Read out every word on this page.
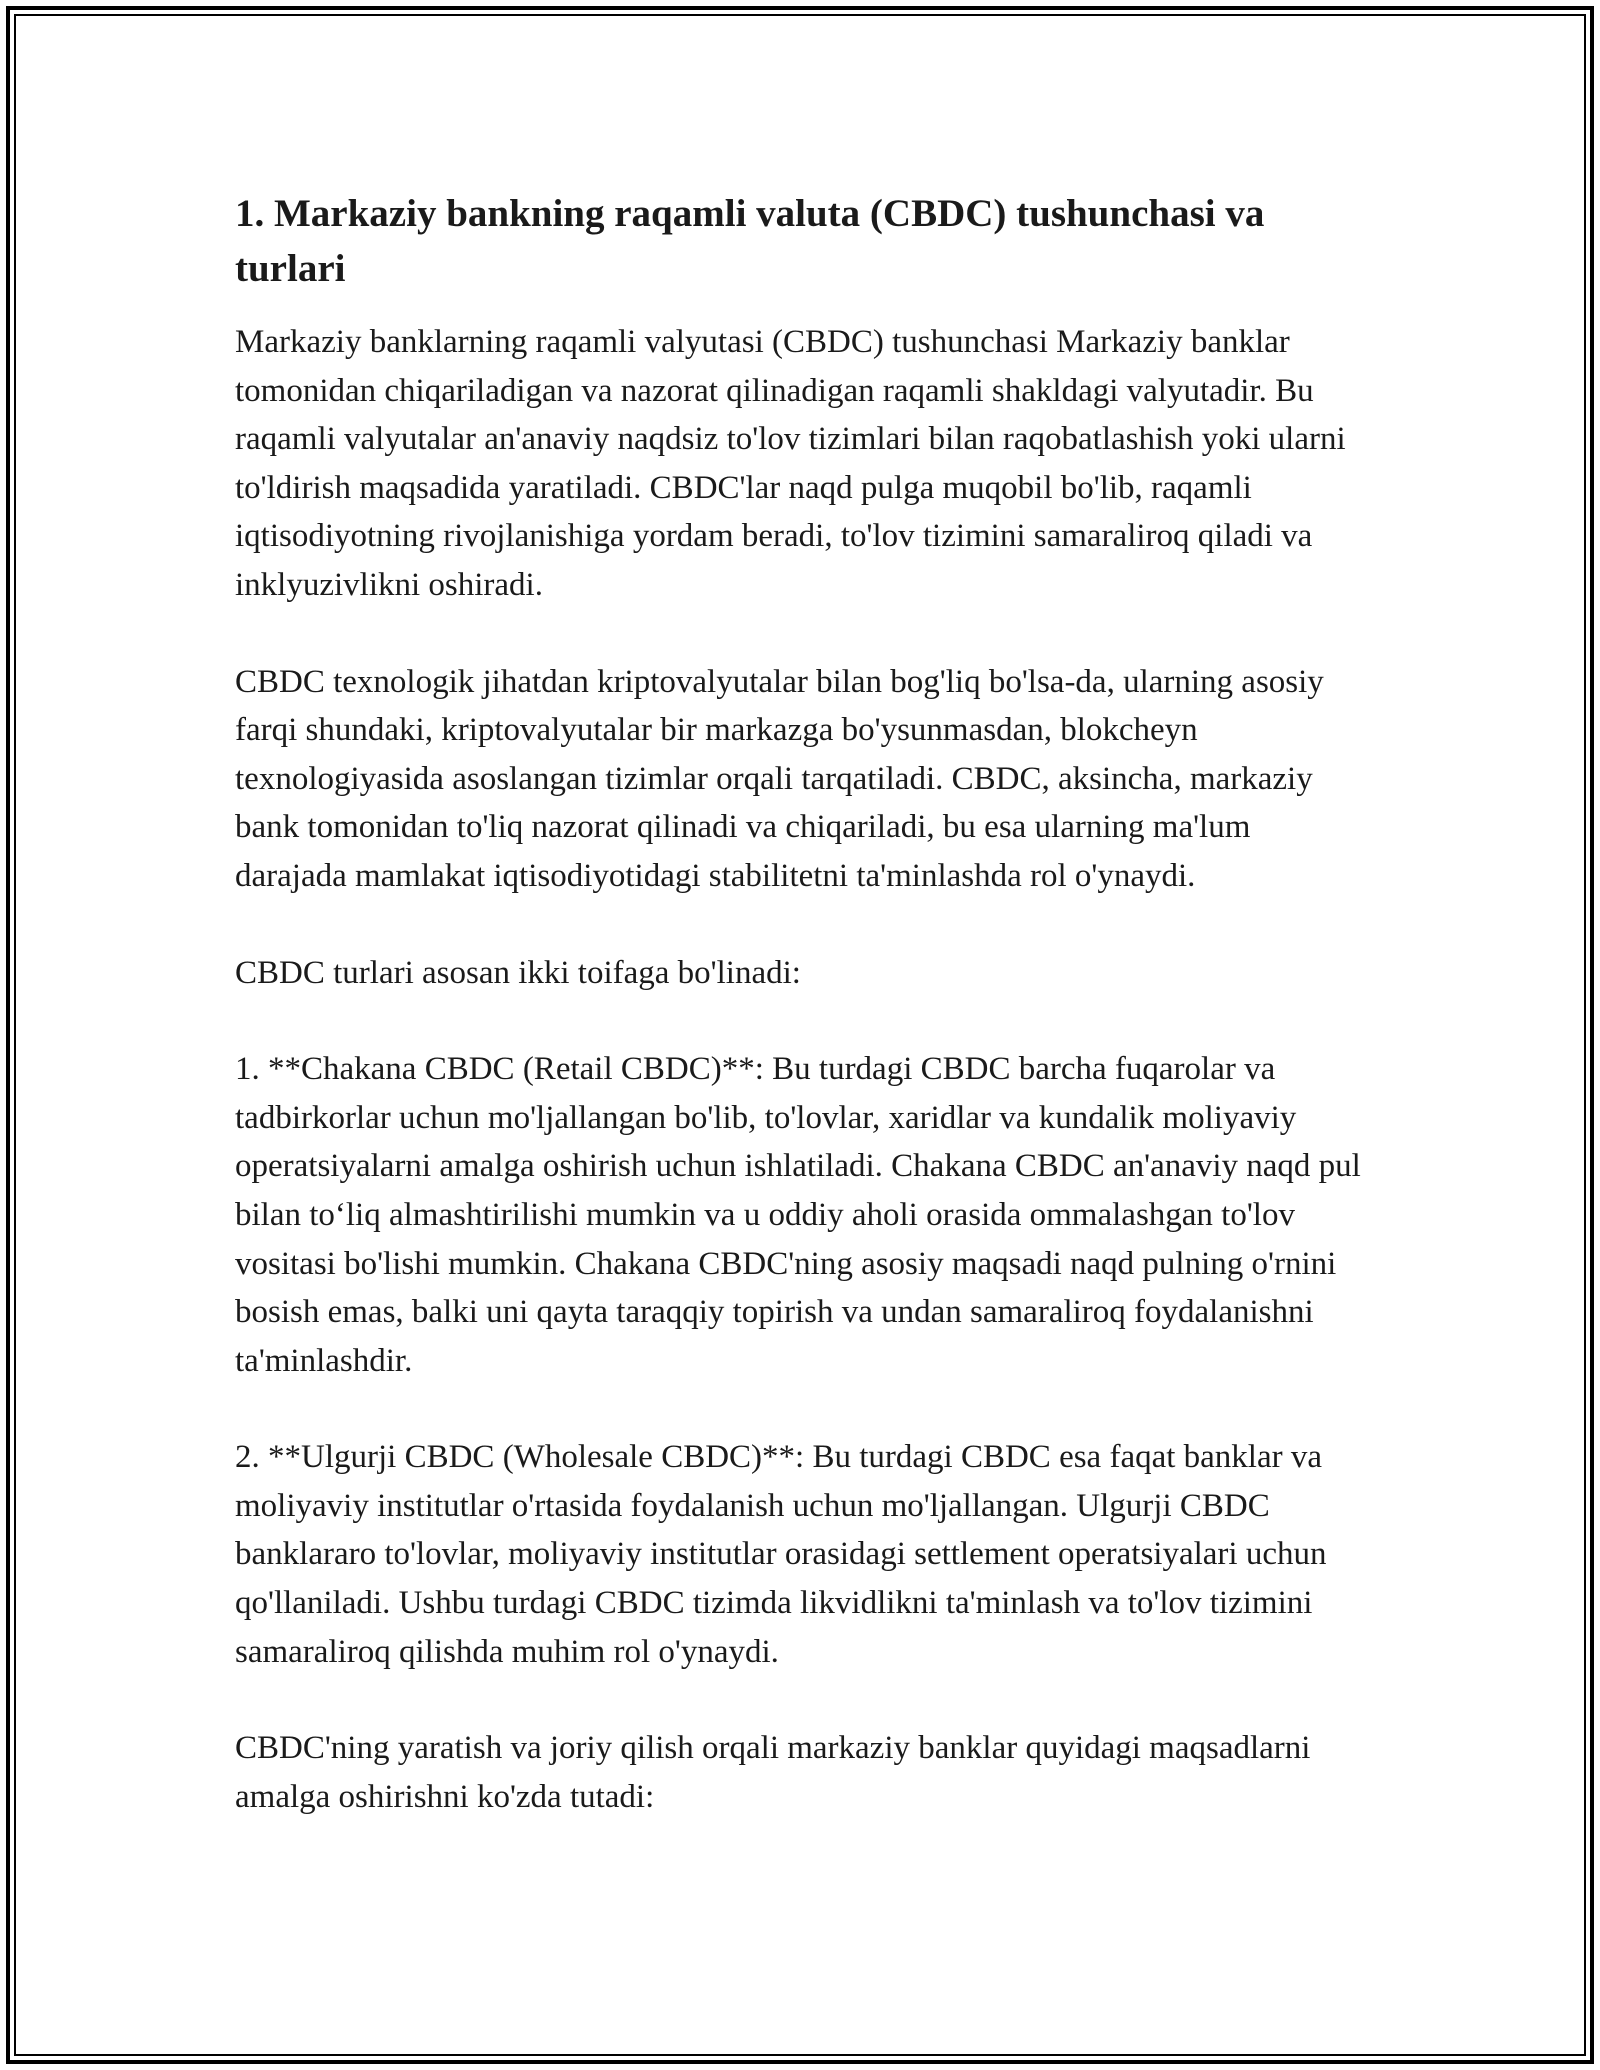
1. Markaziy bankning raqamli valuta (CBDC) tushunchasi va turlari

Markaziy banklarning raqamli valyutasi (CBDC) tushunchasi Markaziy banklar tomonidan chiqariladigan va nazorat qilinadigan raqamli shakldagi valyutadir. Bu raqamli valyutalar an'anaviy naqdsiz to'lov tizimlari bilan raqobatlashish yoki ularni to'ldirish maqsadida yaratiladi. CBDC'lar naqd pulga muqobil bo'lib, raqamli iqtisodiyotning rivojlanishiga yordam beradi, to'lov tizimini samaraliroq qiladi va inklyuzivlikni oshiradi.

CBDC texnologik jihatdan kriptovalyutalar bilan bog'liq bo'lsa-da, ularning asosiy farqi shundaki, kriptovalyutalar bir markazga bo'ysunmasdan, blokcheyn texnologiyasida asoslangan tizimlar orqali tarqatiladi. CBDC, aksincha, markaziy bank tomonidan to'liq nazorat qilinadi va chiqariladi, bu esa ularning ma'lum darajada mamlakat iqtisodiyotidagi stabilitetni ta'minlashda rol o'ynaydi.

CBDC turlari asosan ikki toifaga bo'linadi:

1. **Chakana CBDC (Retail CBDC)**: Bu turdagi CBDC barcha fuqarolar va tadbirkorlar uchun mo'ljallangan bo'lib, to'lovlar, xaridlar va kundalik moliyaviy operatsiyalarni amalga oshirish uchun ishlatiladi. Chakana CBDC an'anaviy naqd pul bilan to‘liq almashtirilishi mumkin va u oddiy aholi orasida ommalashgan to'lov vositasi bo'lishi mumkin. Chakana CBDC'ning asosiy maqsadi naqd pulning o'rnini bosish emas, balki uni qayta taraqqiy topirish va undan samaraliroq foydalanishni ta'minlashdir.

2. **Ulgurji CBDC (Wholesale CBDC)**: Bu turdagi CBDC esa faqat banklar va moliyaviy institutlar o'rtasida foydalanish uchun mo'ljallangan. Ulgurji CBDC banklararo to'lovlar, moliyaviy institutlar orasidagi settlement operatsiyalari uchun qo'llaniladi. Ushbu turdagi CBDC tizimda likvidlikni ta'minlash va to'lov tizimini samaraliroq qilishda muhim rol o'ynaydi.

CBDC'ning yaratish va joriy qilish orqali markaziy banklar quyidagi maqsadlarni amalga oshirishni ko'zda tutadi:
